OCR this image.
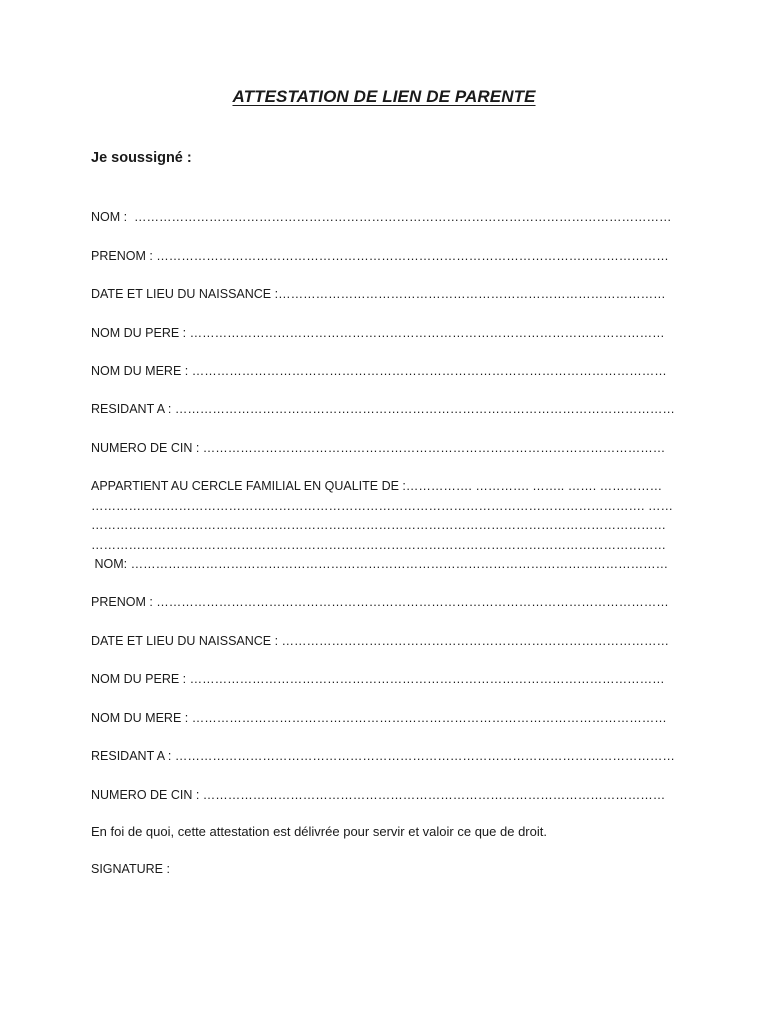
ATTESTATION DE LIEN DE PARENTE
Je soussigné :
NOM :  …………………………………………………………………………………………………………………
PRENOM : ……………………………………………………………………………………………………………
DATE ET LIEU DU NAISSANCE :…………………………………………………………………………………
NOM DU PERE : ……………………………………………………………………………………………………
NOM DU MERE : ……………………………………………………………………………………………………
RESIDANT A : …………………………………………………………………………………………………………
NUMERO DE CIN : …………………………………………………………………………………………………
APPARTIENT AU CERCLE FAMILIAL EN QUALITE DE :……………. …………. …….. ……. ……………
……………………………………………………………………………………………………………………. ……
…………………………………………………………………………………………………………………………
…………………………………………………………………………………………………………………………
NOM: …………………………………………………………………………………………………………………
PRENOM : ……………………………………………………………………………………………………………
DATE ET LIEU DU NAISSANCE : …………………………………………………………………………………
NOM DU PERE : ……………………………………………………………………………………………………
NOM DU MERE : ……………………………………………………………………………………………………
RESIDANT A : …………………………………………………………………………………………………………
NUMERO DE CIN : …………………………………………………………………………………………………
En foi de quoi, cette attestation est délivrée pour servir et valoir ce que de droit.
SIGNATURE :
